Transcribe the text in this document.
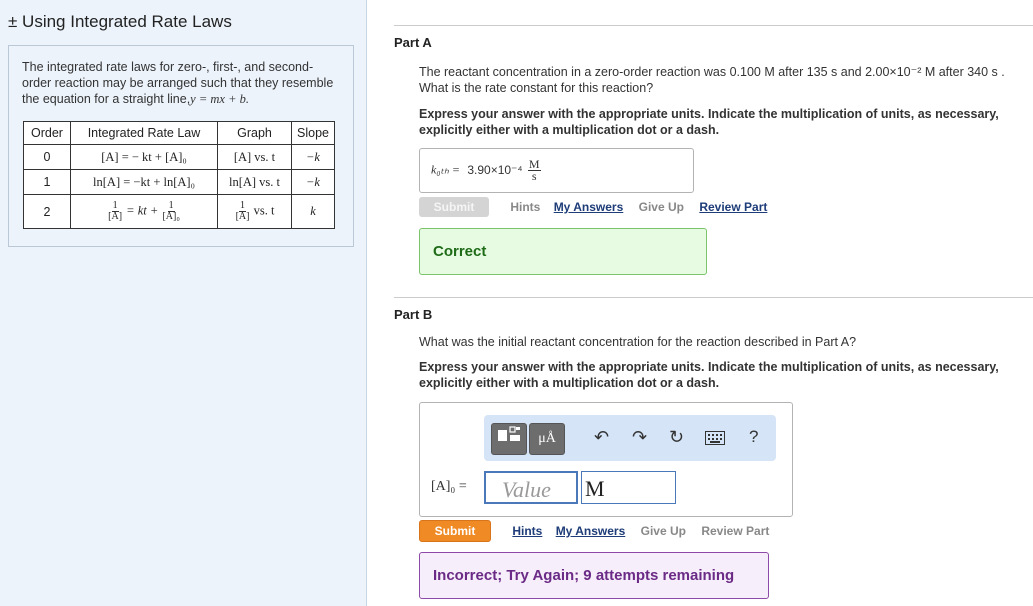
± Using Integrated Rate Laws
The integrated rate laws for zero-, first-, and second-order reaction may be arranged such that they resemble the equation for a straight line,y = mx + b.
Order	Integrated Rate Law	Graph	Slope
0	[A] = − kt + [A]₀	[A] vs. t	−k
1	ln[A] = −kt + ln[A]₀	ln[A] vs. t	−k
2	$\frac{1}{[A]}$ = kt + $\frac{1}{\text{[A]₀}}$	$\frac{1}{[A]}$ vs. t	k
Part A
The reactant concentration in a zero-order reaction was 0.100 M after 135 s and 2.00×10⁻² M after 340 s . What is the rate constant for this reaction?
Express your answer with the appropriate units. Indicate the multiplication of units, as necessary, explicitly either with a multiplication dot or a dash.
$k_{0th} = 3.90\times 10^{-4} \frac{M}{s}$
Submit	Hints My Answers Give Up Review Part
Correct
Part B
What was the initial reactant concentration for the reaction described in Part A?
Express your answer with the appropriate units. Indicate the multiplication of units, as necessary, explicitly either with a multiplication dot or a dash.
μÅ	↶ ↷ ↻	?
[A]₀ =	Value	M
Submit	Hints My Answers Give Up Review Part
Incorrect; Try Again; 9 attempts remaining
